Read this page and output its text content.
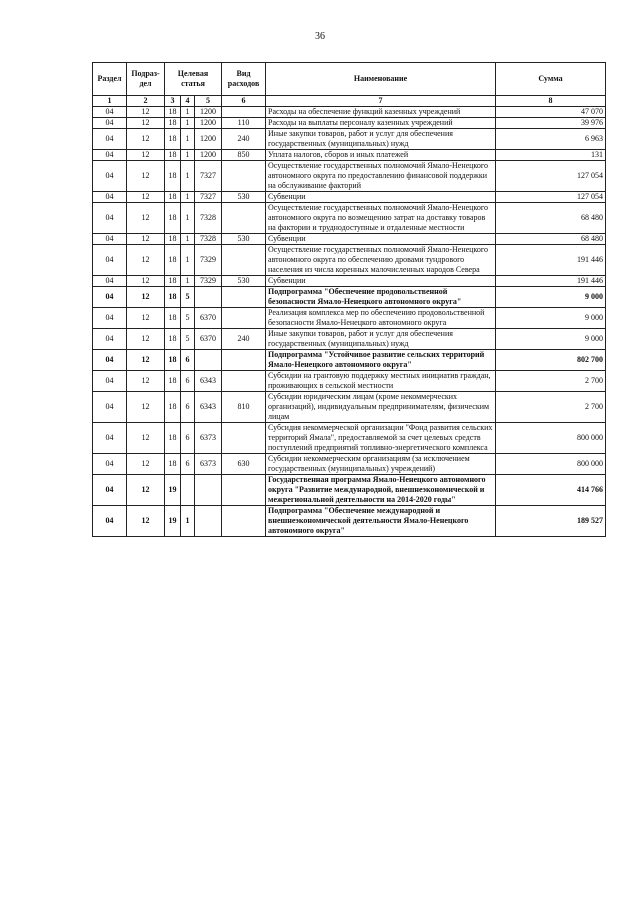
36
Раздел	Подраз-дел	Целевая статья			Вид расходов	Наименование	Сумма
1	2	3	4	5	6	7	8
04	12	18	1	1200		Расходы на обеспечение функций казенных учреждений	47 070
04	12	18	1	1200	110	Расходы на выплаты персоналу казенных учреждений	39 976
04	12	18	1	1200	240	Иные закупки товаров, работ и услуг для обеспечения государственных (муниципальных) нужд	6 963
04	12	18	1	1200	850	Уплата налогов, сборов и иных платежей	131
04	12	18	1	7327		Осуществление государственных полномочий Ямало-Ненецкого автономного округа по предоставлению финансовой поддержки на обслуживание факторий	127 054
04	12	18	1	7327	530	Субвенции	127 054
04	12	18	1	7328		Осуществление государственных полномочий Ямало-Ненецкого автономного округа по возмещению затрат на доставку товаров на фактории и труднодоступные и отдаленные местности	68 480
04	12	18	1	7328	530	Субвенции	68 480
04	12	18	1	7329		Осуществление государственных полномочий Ямало-Ненецкого автономного округа по обеспечению дровами тундрового населения из числа коренных малочисленных народов Севера	191 446
04	12	18	1	7329	530	Субвенции	191 446
04	12	18	5			Подпрограмма "Обеспечение продовольственной безопасности Ямало-Ненецкого автономного округа"	9 000
04	12	18	5	6370		Реализация комплекса мер по обеспечению продовольственной безопасности Ямало-Ненецкого автономного округа	9 000
04	12	18	5	6370	240	Иные закупки товаров, работ и услуг для обеспечения государственных (муниципальных) нужд	9 000
04	12	18	6			Подпрограмма "Устойчивое развитие сельских территорий Ямало-Ненецкого автономного округа"	802 700
04	12	18	6	6343		Субсидии на грантовую поддержку местных инициатив граждан, проживающих в сельской местности	2 700
04	12	18	6	6343	810	Субсидии юридическим лицам (кроме некоммерческих организаций), индивидуальным предпринимателям, физическим лицам	2 700
04	12	18	6	6373		Субсидия некоммерческой организации "Фонд развития сельских территорий Ямала", предоставляемой за счет целевых средств поступлений предприятий топливно-энергетического комплекса	800 000
04	12	18	6	6373	630	Субсидии некоммерческим организациям (за исключением государственных (муниципальных) учреждений)	800 000
04	12	19				Государственная программа Ямало-Ненецкого автономного округа "Развитие международной, внешнеэкономической и межрегиональной деятельности на 2014-2020 годы"	414 766
04	12	19	1			Подпрограмма "Обеспечение международной и внешнеэкономической деятельности Ямало-Ненецкого автономного округа"	189 527
